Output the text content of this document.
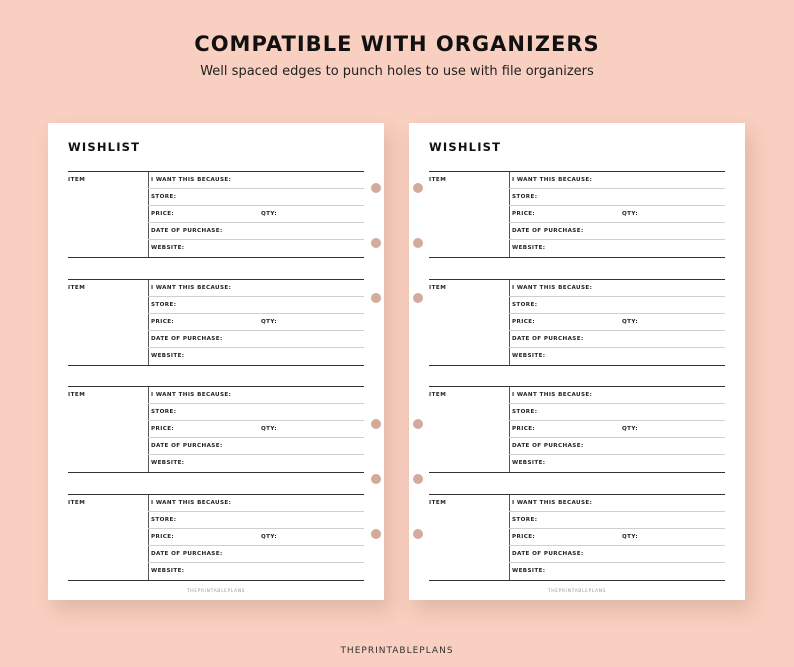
COMPATIBLE WITH ORGANIZERS
Well spaced edges to punch holes to use with file organizers
WISHLIST
ITEM	I WANT THIS BECAUSE:
STORE:
PRICE:	QTY:
DATE OF PURCHASE:
WEBSITE:
ITEM	I WANT THIS BECAUSE:
STORE:
PRICE:	QTY:
DATE OF PURCHASE:
WEBSITE:
ITEM	I WANT THIS BECAUSE:
STORE:
PRICE:	QTY:
DATE OF PURCHASE:
WEBSITE:
ITEM	I WANT THIS BECAUSE:
STORE:
PRICE:	QTY:
DATE OF PURCHASE:
WEBSITE:
THEPRINTABLEPLANS
WISHLIST
ITEM	I WANT THIS BECAUSE:
STORE:
PRICE:	QTY:
DATE OF PURCHASE:
WEBSITE:
ITEM	I WANT THIS BECAUSE:
STORE:
PRICE:	QTY:
DATE OF PURCHASE:
WEBSITE:
ITEM	I WANT THIS BECAUSE:
STORE:
PRICE:	QTY:
DATE OF PURCHASE:
WEBSITE:
ITEM	I WANT THIS BECAUSE:
STORE:
PRICE:	QTY:
DATE OF PURCHASE:
WEBSITE:
THEPRINTABLEPLANS
THEPRINTABLEPLANS
